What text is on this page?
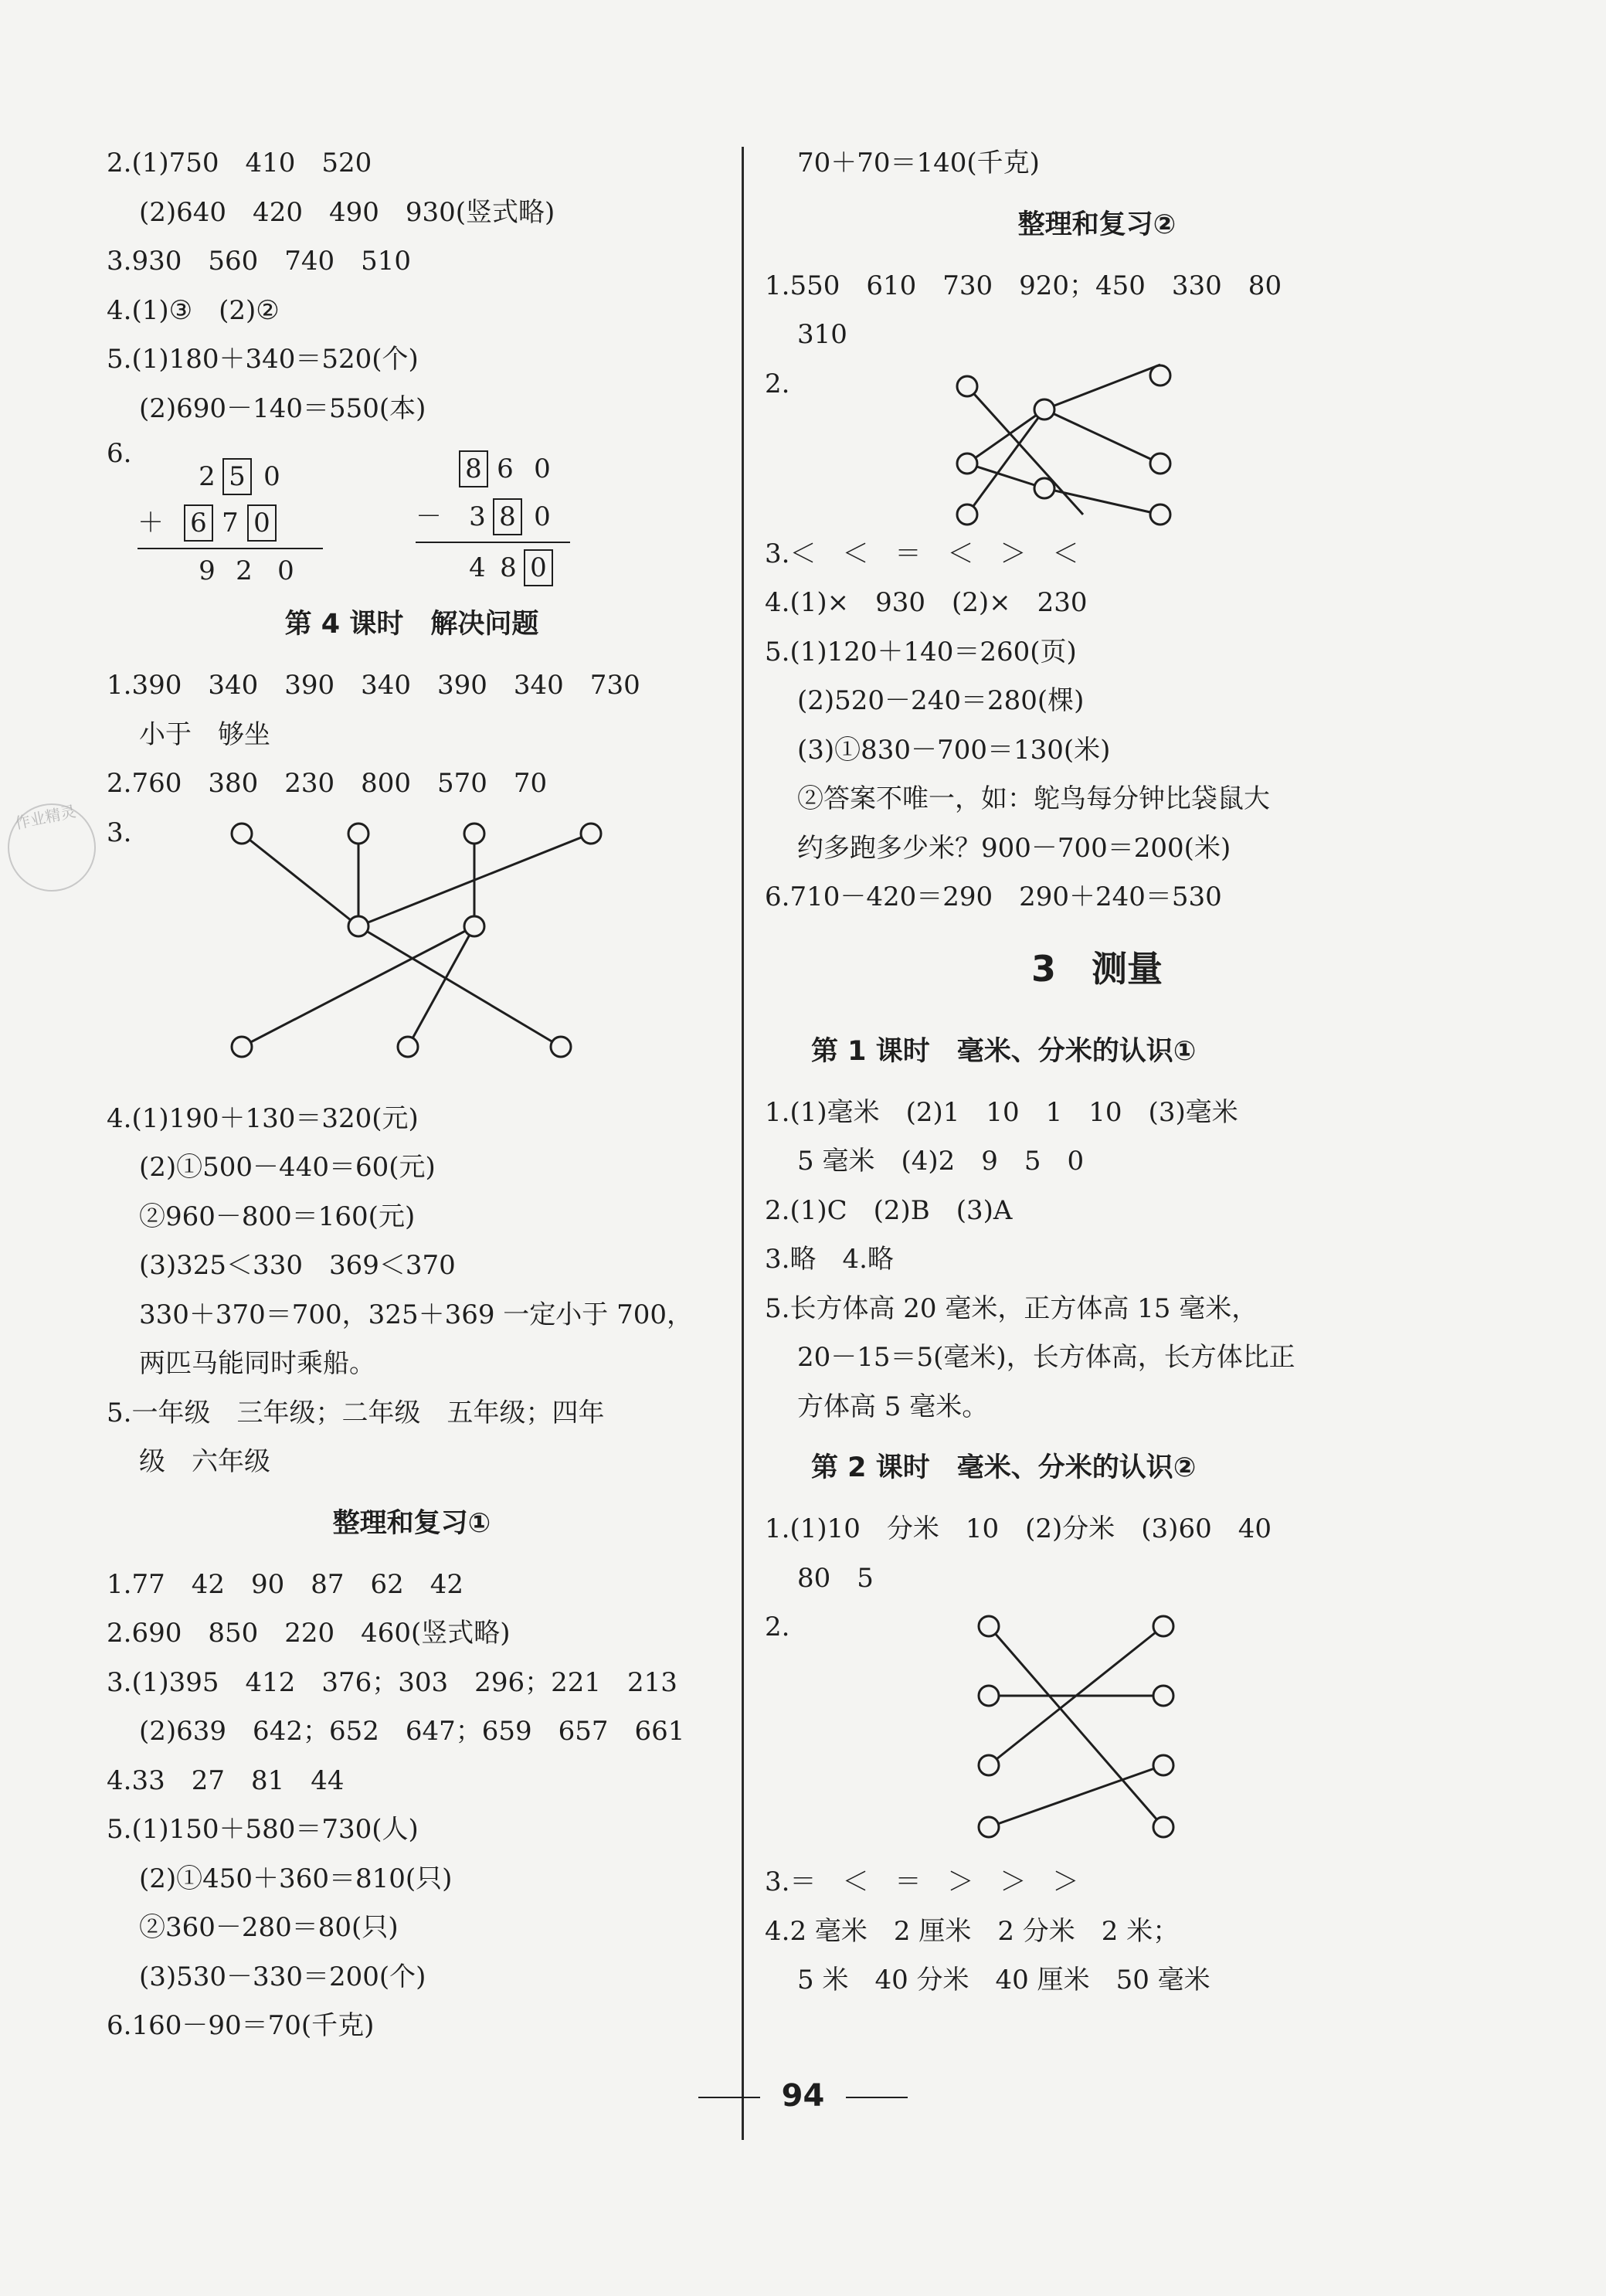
作业精灵
2.(1)750　410　520
(2)640　420　490　930(竖式略)
3.930　560　740　510
4.(1)③　(2)②
5.(1)180＋340＝520(个)
(2)690－140＝550(本)
6.
2 5 0
＋ 6 7 0
9 2 0
8 6 0
－ 3 8 0
4 8 0
第 4 课时　解决问题
1.390　340　390　340　390　340　730
小于　够坐
2.760　380　230　800　570　70
3.
4.(1)190＋130＝320(元)
(2)①500－440＝60(元)
②960－800＝160(元)
(3)325＜330　369＜370
330＋370＝700，325＋369 一定小于 700，
两匹马能同时乘船。
5.一年级　三年级；二年级　五年级；四年
级　六年级
整理和复习①
1.77　42　90　87　62　42
2.690　850　220　460(竖式略)
3.(1)395　412　376；303　296；221　213
(2)639　642；652　647；659　657　661
4.33　27　81　44
5.(1)150＋580＝730(人)
(2)①450＋360＝810(只)
②360－280＝80(只)
(3)530－330＝200(个)
6.160－90＝70(千克)
70＋70＝140(千克)
整理和复习②
1.550　610　730　920；450　330　80
310
2.
3.＜　＜　＝　＜　＞　＜
4.(1)×　930　(2)×　230
5.(1)120＋140＝260(页)
(2)520－240＝280(棵)
(3)①830－700＝130(米)
②答案不唯一，如：鸵鸟每分钟比袋鼠大
约多跑多少米？900－700＝200(米)
6.710－420＝290　290＋240＝530
3　测量
第 1 课时　毫米、分米的认识①
1.(1)毫米　(2)1　10　1　10　(3)毫米
5 毫米　(4)2　9　5　0
2.(1)C　(2)B　(3)A
3.略　4.略
5.长方体高 20 毫米，正方体高 15 毫米，
20－15＝5(毫米)，长方体高，长方体比正
方体高 5 毫米。
第 2 课时　毫米、分米的认识②
1.(1)10　分米　10　(2)分米　(3)60　40
80　5
2.
3.＝　＜　＝　＞　＞　＞
4.2 毫米　2 厘米　2 分米　2 米；
5 米　40 分米　40 厘米　50 毫米
94
